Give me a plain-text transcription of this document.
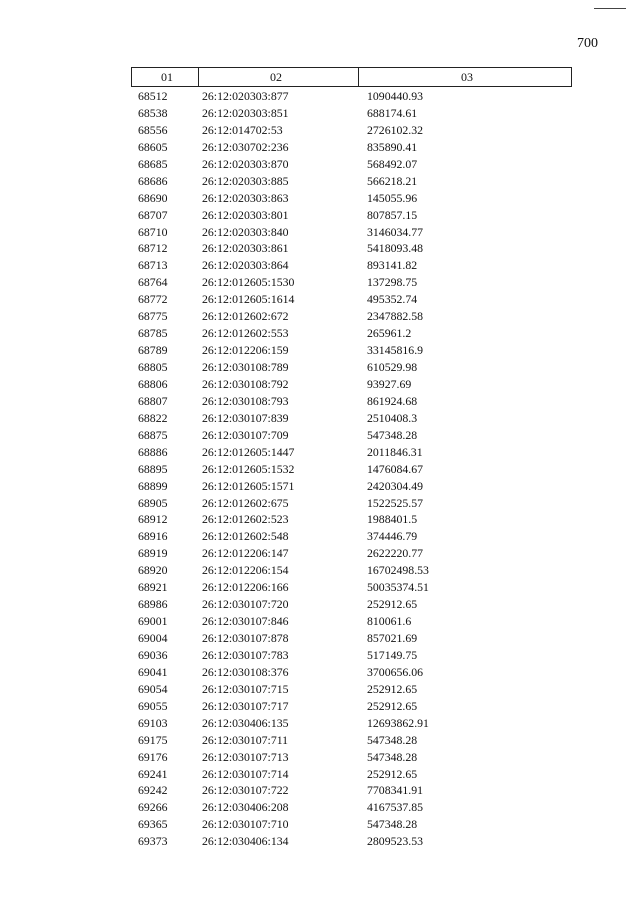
700
01	02	03
68512	26:12:020303:877	1090440.93
68538	26:12:020303:851	688174.61
68556	26:12:014702:53	2726102.32
68605	26:12:030702:236	835890.41
68685	26:12:020303:870	568492.07
68686	26:12:020303:885	566218.21
68690	26:12:020303:863	145055.96
68707	26:12:020303:801	807857.15
68710	26:12:020303:840	3146034.77
68712	26:12:020303:861	5418093.48
68713	26:12:020303:864	893141.82
68764	26:12:012605:1530	137298.75
68772	26:12:012605:1614	495352.74
68775	26:12:012602:672	2347882.58
68785	26:12:012602:553	265961.2
68789	26:12:012206:159	33145816.9
68805	26:12:030108:789	610529.98
68806	26:12:030108:792	93927.69
68807	26:12:030108:793	861924.68
68822	26:12:030107:839	2510408.3
68875	26:12:030107:709	547348.28
68886	26:12:012605:1447	2011846.31
68895	26:12:012605:1532	1476084.67
68899	26:12:012605:1571	2420304.49
68905	26:12:012602:675	1522525.57
68912	26:12:012602:523	1988401.5
68916	26:12:012602:548	374446.79
68919	26:12:012206:147	2622220.77
68920	26:12:012206:154	16702498.53
68921	26:12:012206:166	50035374.51
68986	26:12:030107:720	252912.65
69001	26:12:030107:846	810061.6
69004	26:12:030107:878	857021.69
69036	26:12:030107:783	517149.75
69041	26:12:030108:376	3700656.06
69054	26:12:030107:715	252912.65
69055	26:12:030107:717	252912.65
69103	26:12:030406:135	12693862.91
69175	26:12:030107:711	547348.28
69176	26:12:030107:713	547348.28
69241	26:12:030107:714	252912.65
69242	26:12:030107:722	7708341.91
69266	26:12:030406:208	4167537.85
69365	26:12:030107:710	547348.28
69373	26:12:030406:134	2809523.53
